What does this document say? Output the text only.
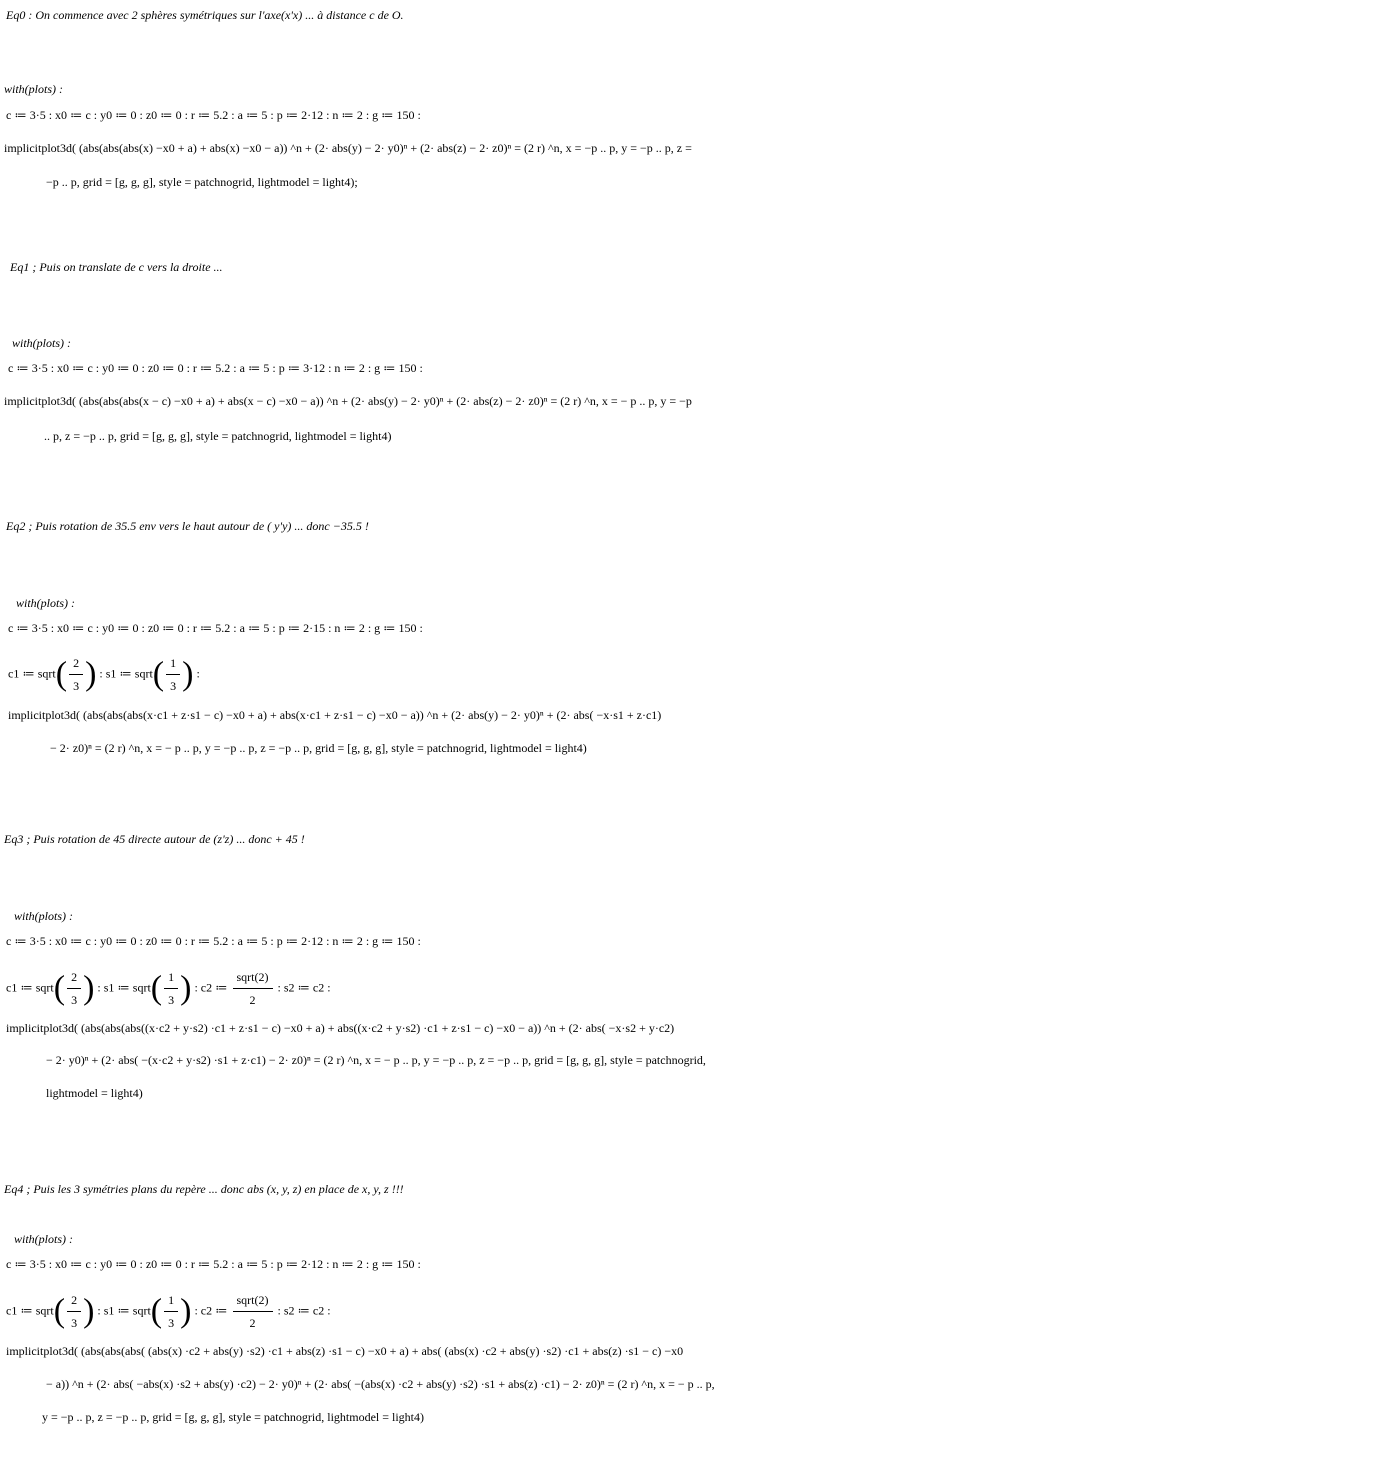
Eq0 : On commence avec 2 sphères symétriques sur l'axe(x'x) ... à distance c de O.
with(plots) :
c ≔ 3·5 : x0 ≔ c : y0 ≔ 0 : z0 ≔ 0 : r ≔ 5.2 : a ≔ 5 : p ≔ 2·12 : n ≔ 2 : g ≔ 150 :
implicitplot3d( (abs(abs(abs(x) −x0 + a) + abs(x) −x0 − a)) ^n + (2· abs(y) − 2· y0)ⁿ + (2· abs(z) − 2· z0)ⁿ = (2 r) ^n, x = −p .. p, y = −p .. p, z =
−p .. p, grid = [g, g, g], style = patchnogrid, lightmodel = light4);
Eq1 ; Puis on translate de c vers la droite ...
with(plots) :
c ≔ 3·5 : x0 ≔ c : y0 ≔ 0 : z0 ≔ 0 : r ≔ 5.2 : a ≔ 5 : p ≔ 3·12 : n ≔ 2 : g ≔ 150 :
implicitplot3d( (abs(abs(abs(x − c) −x0 + a) + abs(x − c) −x0 − a)) ^n + (2· abs(y) − 2· y0)ⁿ + (2· abs(z) − 2· z0)ⁿ = (2 r) ^n, x = − p .. p, y = −p
.. p, z = −p .. p, grid = [g, g, g], style = patchnogrid, lightmodel = light4)
Eq2 ; Puis rotation de 35.5 env vers le haut autour de ( y'y) ... donc −35.5 !
with(plots) :
c ≔ 3·5 : x0 ≔ c : y0 ≔ 0 : z0 ≔ 0 : r ≔ 5.2 : a ≔ 5 : p ≔ 2·15 : n ≔ 2 : g ≔ 150 :
c1 ≔ sqrt( $\frac{2}{3}$ ) : s1 ≔ sqrt( $\frac{1}{3}$ ) :
implicitplot3d( (abs(abs(abs(x·c1 + z·s1 − c) −x0 + a) + abs(x·c1 + z·s1 − c) −x0 − a)) ^n + (2· abs(y) − 2· y0)ⁿ + (2· abs( −x·s1 + z·c1)
− 2· z0)ⁿ = (2 r) ^n, x = − p .. p, y = −p .. p, z = −p .. p, grid = [g, g, g], style = patchnogrid, lightmodel = light4)
Eq3 ; Puis rotation de 45 directe autour de (z'z) ... donc + 45 !
with(plots) :
c ≔ 3·5 : x0 ≔ c : y0 ≔ 0 : z0 ≔ 0 : r ≔ 5.2 : a ≔ 5 : p ≔ 2·12 : n ≔ 2 : g ≔ 150 :
c1 ≔ sqrt( $\frac{2}{3}$ ) : s1 ≔ sqrt( $\frac{1}{3}$ ) : c2 ≔ $\frac{\text{sqrt(2)}}{2}$ : s2 ≔ c2 :
implicitplot3d( (abs(abs(abs((x·c2 + y·s2) ·c1 + z·s1 − c) −x0 + a) + abs((x·c2 + y·s2) ·c1 + z·s1 − c) −x0 − a)) ^n + (2· abs( −x·s2 + y·c2)
− 2· y0)ⁿ + (2· abs( −(x·c2 + y·s2) ·s1 + z·c1) − 2· z0)ⁿ = (2 r) ^n, x = − p .. p, y = −p .. p, z = −p .. p, grid = [g, g, g], style = patchnogrid,
lightmodel = light4)
Eq4 ; Puis les 3 symétries plans du repère ... donc abs (x, y, z) en place de x, y, z !!!
with(plots) :
c ≔ 3·5 : x0 ≔ c : y0 ≔ 0 : z0 ≔ 0 : r ≔ 5.2 : a ≔ 5 : p ≔ 2·12 : n ≔ 2 : g ≔ 150 :
c1 ≔ sqrt( $\frac{2}{3}$ ) : s1 ≔ sqrt( $\frac{1}{3}$ ) : c2 ≔ $\frac{\text{sqrt(2)}}{2}$ : s2 ≔ c2 :
implicitplot3d( (abs(abs(abs( (abs(x) ·c2 + abs(y) ·s2) ·c1 + abs(z) ·s1 − c) −x0 + a) + abs( (abs(x) ·c2 + abs(y) ·s2) ·c1 + abs(z) ·s1 − c) −x0
− a)) ^n + (2· abs( −abs(x) ·s2 + abs(y) ·c2) − 2· y0)ⁿ + (2· abs( −(abs(x) ·c2 + abs(y) ·s2) ·s1 + abs(z) ·c1) − 2· z0)ⁿ = (2 r) ^n, x = − p .. p,
y = −p .. p, z = −p .. p, grid = [g, g, g], style = patchnogrid, lightmodel = light4)
